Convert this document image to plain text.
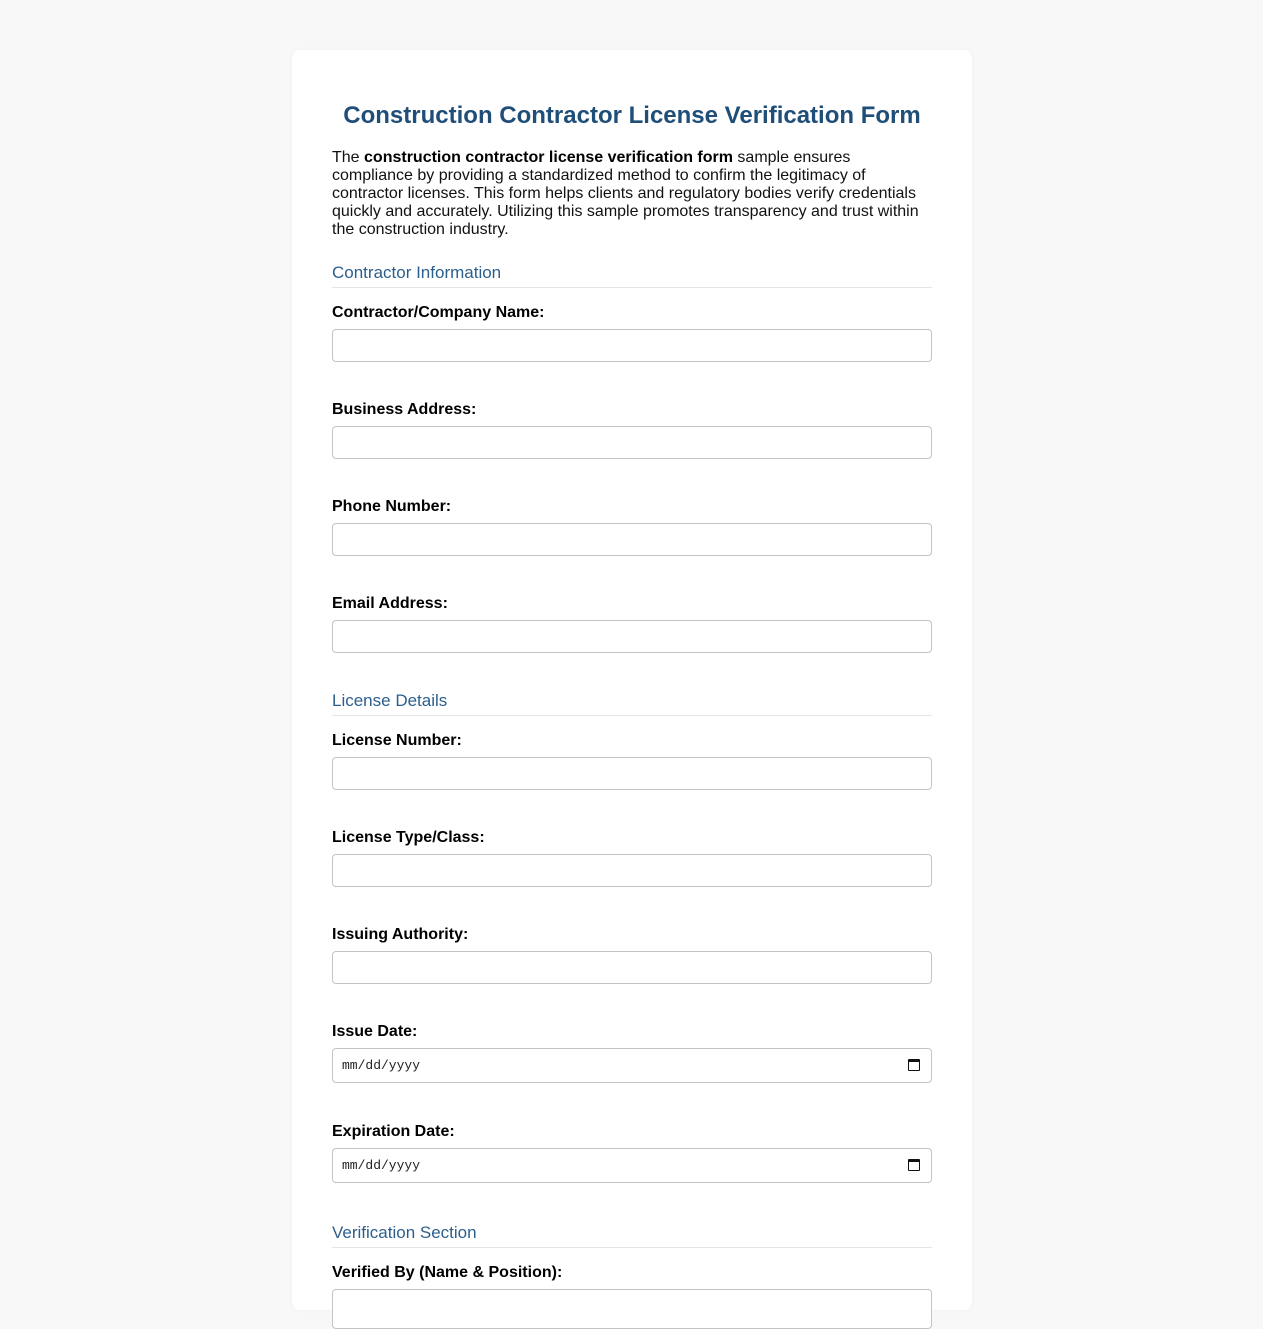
Construction Contractor License Verification Form

The construction contractor license verification form sample ensures compliance by providing a standardized method to confirm the legitimacy of contractor licenses. This form helps clients and regulatory bodies verify credentials quickly and accurately. Utilizing this sample promotes transparency and trust within the construction industry.

Contractor Information
Contractor/Company Name:
Business Address:
Phone Number:
Email Address:
License Details
License Number:
License Type/Class:
Issuing Authority:
Issue Date:
mm/dd/yyyy
Expiration Date:
mm/dd/yyyy
Verification Section
Verified By (Name & Position):
